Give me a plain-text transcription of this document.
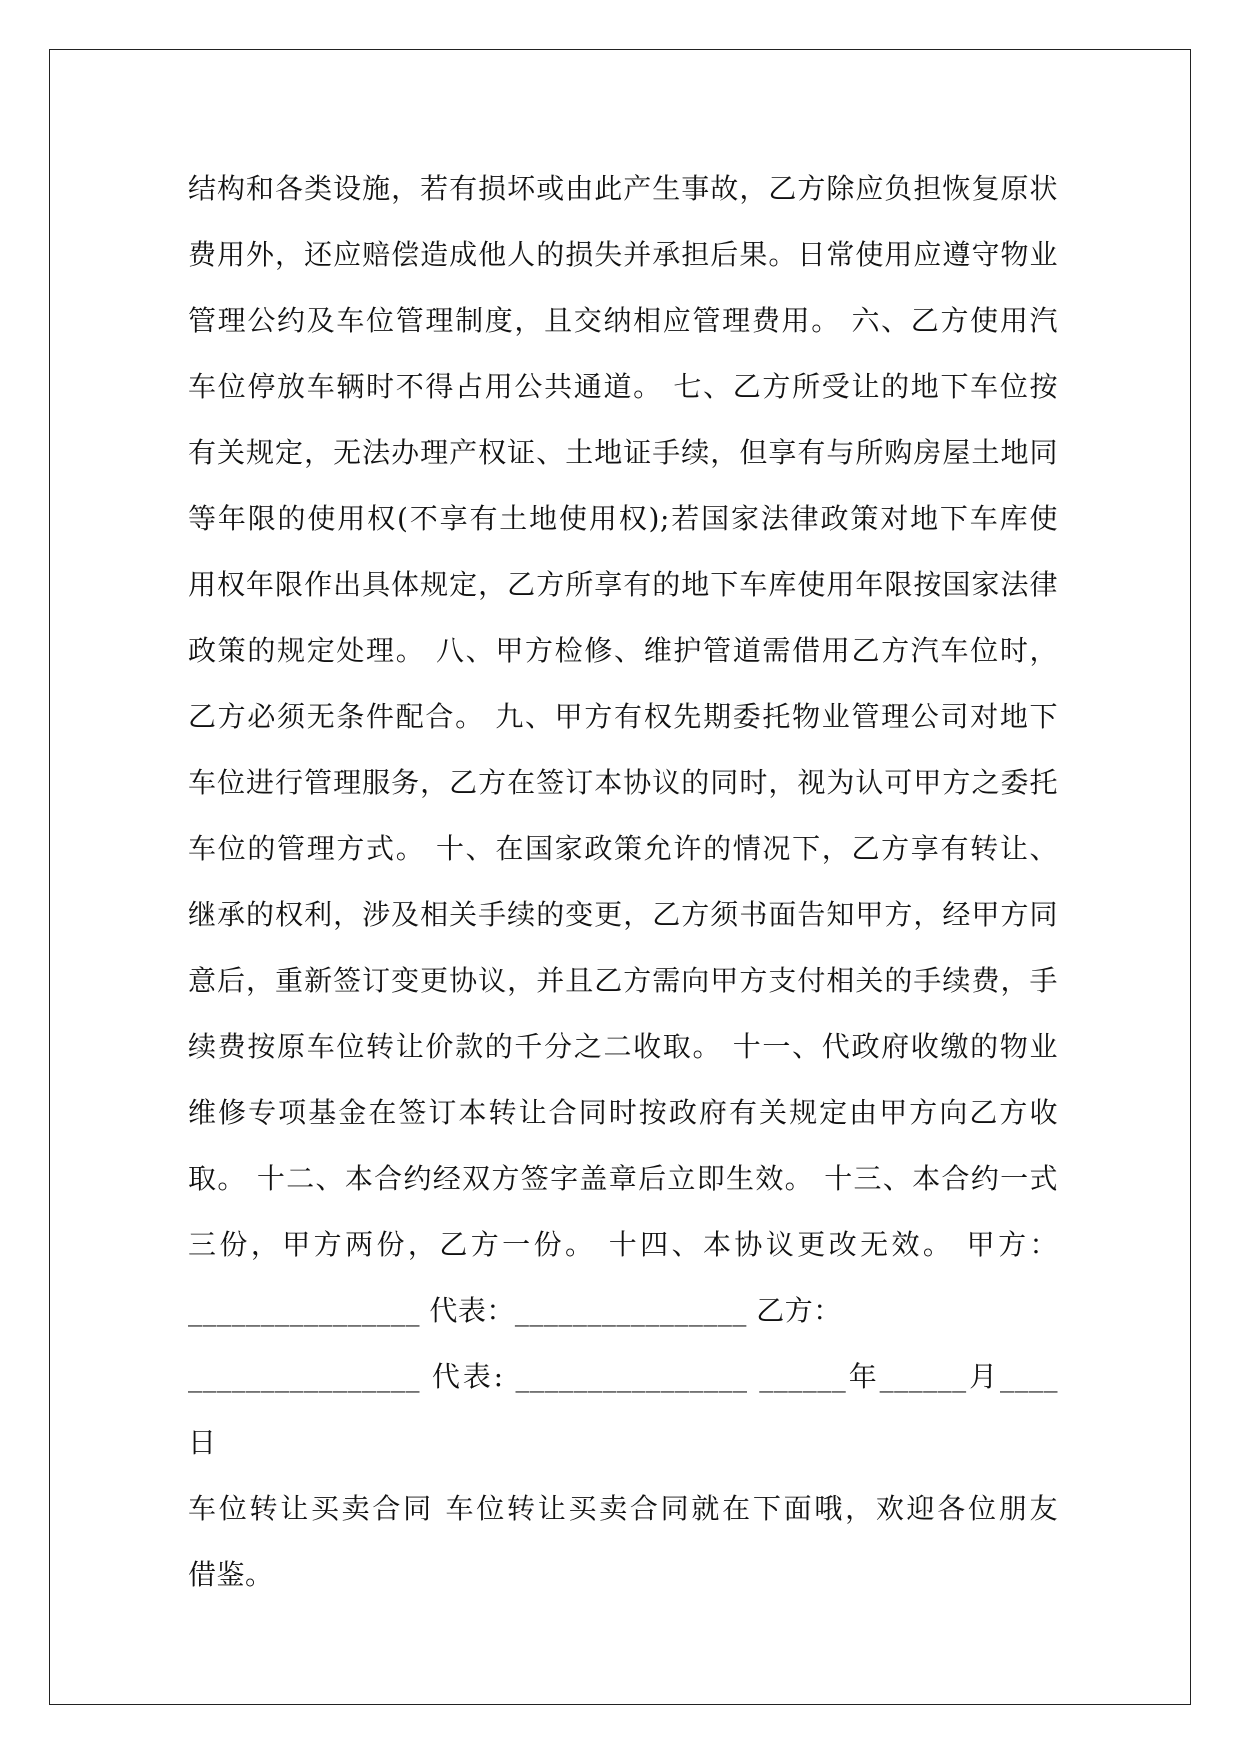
结构和各类设施，若有损坏或由此产生事故，乙方除应负担恢复原状
费用外，还应赔偿造成他人的损失并承担后果。日常使用应遵守物业
管理公约及车位管理制度，且交纳相应管理费用。 六、乙方使用汽
车位停放车辆时不得占用公共通道。 七、乙方所受让的地下车位按
有关规定，无法办理产权证、土地证手续，但享有与所购房屋土地同
等年限的使用权(不享有土地使用权);若国家法律政策对地下车库使
用权年限作出具体规定，乙方所享有的地下车库使用年限按国家法律
政策的规定处理。 八、甲方检修、维护管道需借用乙方汽车位时，
乙方必须无条件配合。 九、甲方有权先期委托物业管理公司对地下
车位进行管理服务，乙方在签订本协议的同时，视为认可甲方之委托
车位的管理方式。 十、在国家政策允许的情况下，乙方享有转让、
继承的权利，涉及相关手续的变更，乙方须书面告知甲方，经甲方同
意后，重新签订变更协议，并且乙方需向甲方支付相关的手续费，手
续费按原车位转让价款的千分之二收取。 十一、代政府收缴的物业
维修专项基金在签订本转让合同时按政府有关规定由甲方向乙方收
取。 十二、本合约经双方签字盖章后立即生效。 十三、本合约一式
三份，甲方两份，乙方一份。 十四、本协议更改无效。 甲方：
________________ 代表：________________ 乙方：
________________ 代表: ________________ ______年______月____
日
车位转让买卖合同 车位转让买卖合同就在下面哦，欢迎各位朋友
借鉴。
